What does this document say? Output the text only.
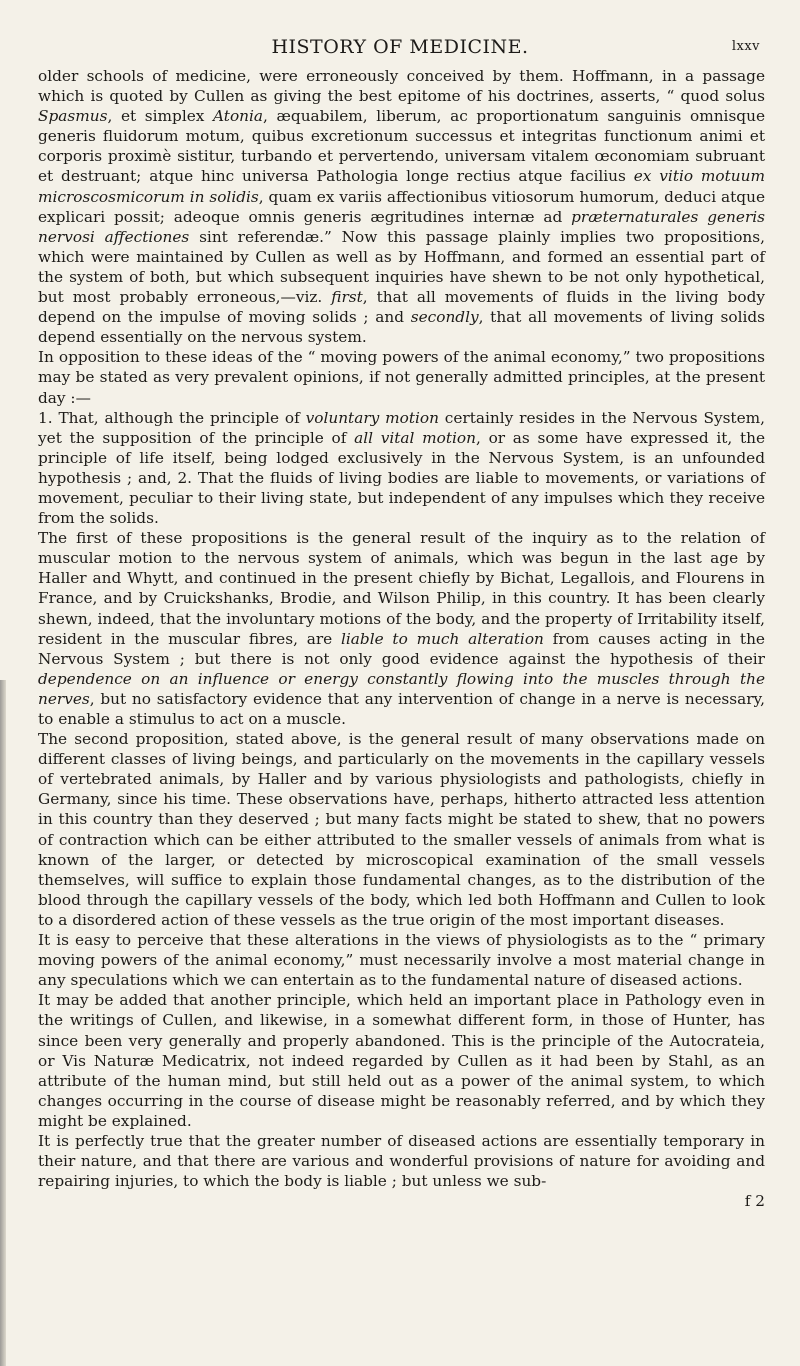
HISTORY OF MEDICINE.	lxxv

older schools of medicine, were erroneously conceived by them. Hoffmann, in a passage which is quoted by Cullen as giving the best epitome of his doctrines, asserts, “ quod solus Spasmus, et simplex Atonia, æquabilem, liberum, ac proportionatum sanguinis omnisque generis fluidorum motum, quibus excretionum successus et integritas functionum animi et corporis proximè sistitur, turbando et pervertendo, universam vitalem œconomiam subruant et destruant; atque hinc universa Pathologia longe rectius atque facilius ex vitio motuum microscosmicorum in solidis, quam ex variis affectionibus vitiosorum humorum, deduci atque explicari possit; adeoque omnis generis ægritudines internæ ad præternaturales generis nervosi affectiones sint referendæ.” Now this passage plainly implies two propositions, which were maintained by Cullen as well as by Hoffmann, and formed an essential part of the system of both, but which subsequent inquiries have shewn to be not only hypothetical, but most probably erroneous,—viz. first, that all movements of fluids in the living body depend on the impulse of moving solids ; and secondly, that all movements of living solids depend essentially on the nervous system.

In opposition to these ideas of the “ moving powers of the animal economy,” two propositions may be stated as very prevalent opinions, if not generally admitted principles, at the present day :—

1. That, although the principle of voluntary motion certainly resides in the Nervous System, yet the supposition of the principle of all vital motion, or as some have expressed it, the principle of life itself, being lodged exclusively in the Nervous System, is an unfounded hypothesis ; and, 2. That the fluids of living bodies are liable to movements, or variations of movement, peculiar to their living state, but independent of any impulses which they receive from the solids.

The first of these propositions is the general result of the inquiry as to the relation of muscular motion to the nervous system of animals, which was begun in the last age by Haller and Whytt, and continued in the present chiefly by Bichat, Legallois, and Flourens in France, and by Cruickshanks, Brodie, and Wilson Philip, in this country. It has been clearly shewn, indeed, that the involuntary motions of the body, and the property of Irritability itself, resident in the muscular fibres, are liable to much alteration from causes acting in the Nervous System ; but there is not only good evidence against the hypothesis of their dependence on an influence or energy constantly flowing into the muscles through the nerves, but no satisfactory evidence that any intervention of change in a nerve is necessary, to enable a stimulus to act on a muscle.

The second proposition, stated above, is the general result of many observations made on different classes of living beings, and particularly on the movements in the capillary vessels of vertebrated animals, by Haller and by various physiologists and pathologists, chiefly in Germany, since his time. These observations have, perhaps, hitherto attracted less attention in this country than they deserved ; but many facts might be stated to shew, that no powers of contraction which can be either attributed to the smaller vessels of animals from what is known of the larger, or detected by microscopical examination of the small vessels themselves, will suffice to explain those fundamental changes, as to the distribution of the blood through the capillary vessels of the body, which led both Hoffmann and Cullen to look to a disordered action of these vessels as the true origin of the most important diseases.

It is easy to perceive that these alterations in the views of physiologists as to the “ primary moving powers of the animal economy,” must necessarily involve a most material change in any speculations which we can entertain as to the fundamental nature of diseased actions.

It may be added that another principle, which held an important place in Pathology even in the writings of Cullen, and likewise, in a somewhat different form, in those of Hunter, has since been very generally and properly abandoned. This is the principle of the Autocrateia, or Vis Naturæ Medicatrix, not indeed regarded by Cullen as it had been by Stahl, as an attribute of the human mind, but still held out as a power of the animal system, to which changes occurring in the course of disease might be reasonably referred, and by which they might be explained.

It is perfectly true that the greater number of diseased actions are essentially temporary in their nature, and that there are various and wonderful provisions of nature for avoiding and repairing injuries, to which the body is liable ; but unless we sub-

f 2
